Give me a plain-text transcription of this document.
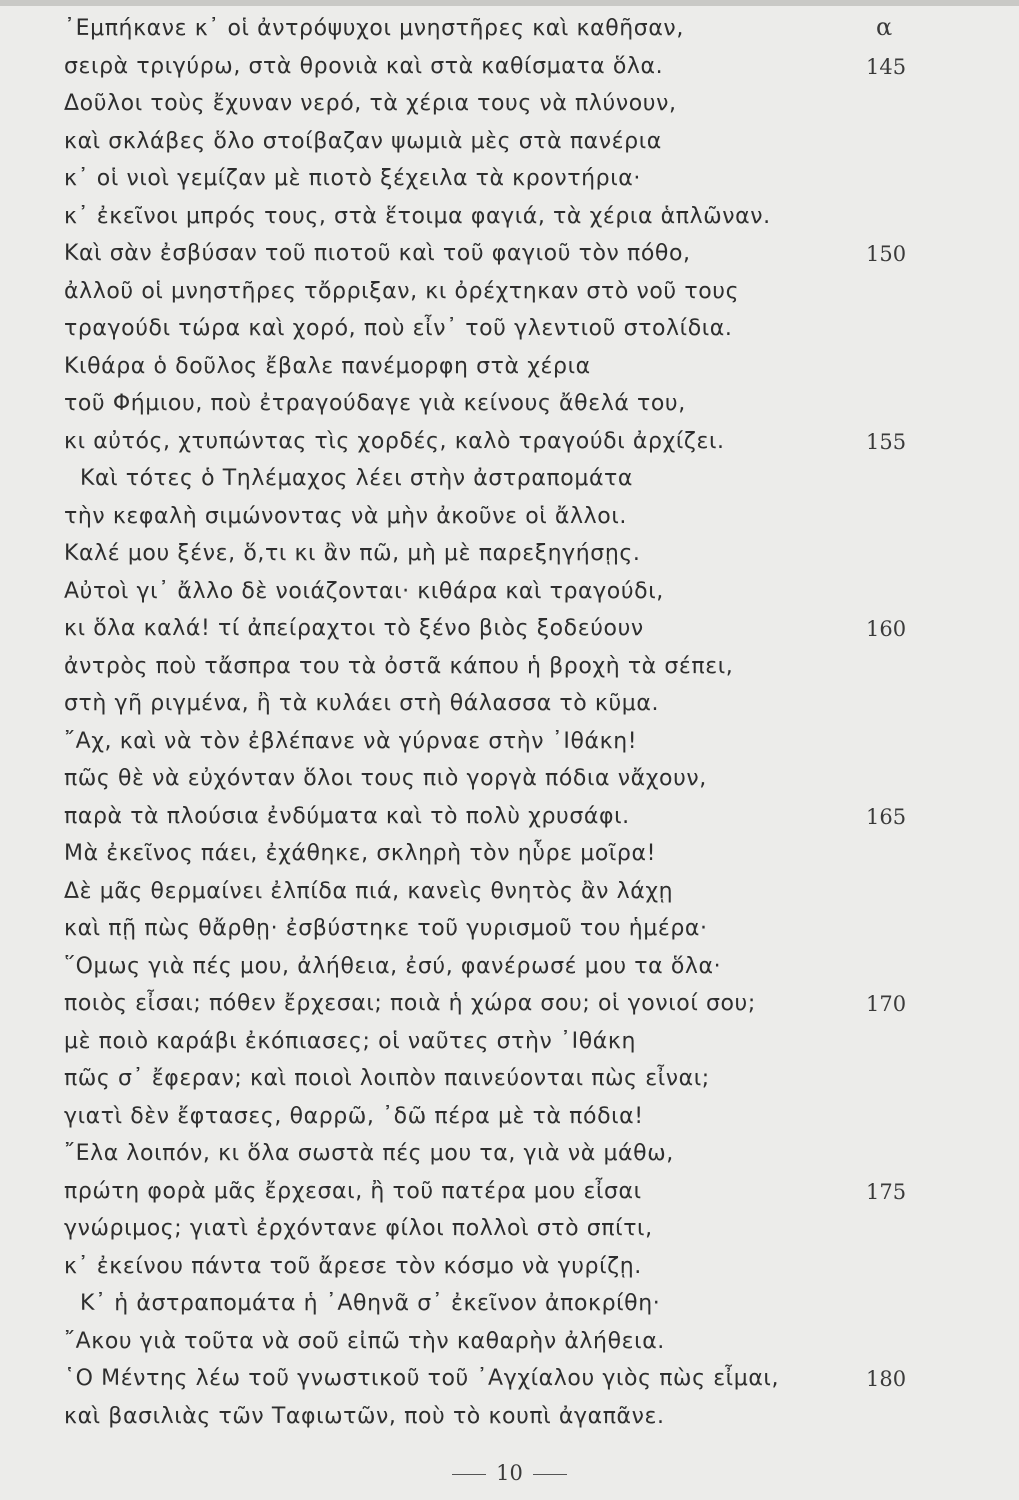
α
᾽Εμπήκανε κ᾽ οἱ ἀντρόψυχοι μνηστῆρες καὶ καθῆσαν,
σειρὰ τριγύρω, στὰ θρονιὰ καὶ στὰ καθίσματα ὅλα.	145
Δοῦλοι τοὺς ἔχυναν νερό, τὰ χέρια τους νὰ πλύνουν,
καὶ σκλάβες ὅλο στοίβαζαν ψωμιὰ μὲς στὰ πανέρια
κ᾽ οἱ νιοὶ γεμίζαν μὲ πιοτὸ ξέχειλα τὰ κροντήρια·
κ᾽ ἐκεῖνοι μπρός τους, στὰ ἕτοιμα φαγιά, τὰ χέρια ἁπλῶναν.
Καὶ σὰν ἐσβύσαν τοῦ πιοτοῦ καὶ τοῦ φαγιοῦ τὸν πόθο,	150
ἀλλοῦ οἱ μνηστῆρες τὄρριξαν, κι ὀρέχτηκαν στὸ νοῦ τους
τραγούδι τώρα καὶ χορό, ποὺ εἶν᾽ τοῦ γλεντιοῦ στολίδια.
Κιθάρα ὁ δοῦλος ἔβαλε πανέμορφη στὰ χέρια
τοῦ Φήμιου, ποὺ ἐτραγούδαγε γιὰ κείνους ἄθελά του,
κι αὐτός, χτυπώντας τὶς χορδές, καλὸ τραγούδι ἀρχίζει.	155
Καὶ τότες ὁ Τηλέμαχος λέει στὴν ἀστραπομάτα
τὴν κεφαλὴ σιμώνοντας νὰ μὴν ἀκοῦνε οἱ ἄλλοι.
Καλέ μου ξένε, ὅ,τι κι ἂν πῶ, μὴ μὲ παρεξηγήσῃς.
Αὐτοὶ γι᾽ ἄλλο δὲ νοιάζονται· κιθάρα καὶ τραγούδι,
κι ὅλα καλά! τί ἀπείραχτοι τὸ ξένο βιὸς ξοδεύουν	160
ἀντρὸς ποὺ τἄσπρα του τὰ ὀστᾶ κάπου ἡ βροχὴ τὰ σέπει,
στὴ γῆ ριγμένα, ἢ τὰ κυλάει στὴ θάλασσα τὸ κῦμα.
῎Αχ, καὶ νὰ τὸν ἐβλέπανε νὰ γύρναε στὴν ᾽Ιθάκη!
πῶς θὲ νὰ εὐχόνταν ὅλοι τους πιὸ γοργὰ πόδια νἄχουν,
παρὰ τὰ πλούσια ἐνδύματα καὶ τὸ πολὺ χρυσάφι.	165
Μὰ ἐκεῖνος πάει, ἐχάθηκε, σκληρὴ τὸν ηὗρε μοῖρα!
Δὲ μᾶς θερμαίνει ἐλπίδα πιά, κανεὶς θνητὸς ἂν λάχῃ
καὶ πῇ πὼς θἄρθῃ· ἐσβύστηκε τοῦ γυρισμοῦ του ἡμέρα·
῞Ομως γιὰ πές μου, ἀλήθεια, ἐσύ, φανέρωσέ μου τα ὅλα·
ποιὸς εἶσαι; πόθεν ἔρχεσαι; ποιὰ ἡ χώρα σου; οἱ γονιοί σου;	170
μὲ ποιὸ καράβι ἐκόπιασες; οἱ ναῦτες στὴν ᾽Ιθάκη
πῶς σ᾽ ἔφεραν; καὶ ποιοὶ λοιπὸν παινεύονται πὼς εἶναι;
γιατὶ δὲν ἔφτασες, θαρρῶ, ᾽δῶ πέρα μὲ τὰ πόδια!
῎Ελα λοιπόν, κι ὅλα σωστὰ πές μου τα, γιὰ νὰ μάθω,
πρώτη φορὰ μᾶς ἔρχεσαι, ἢ τοῦ πατέρα μου εἶσαι	175
γνώριμος; γιατὶ ἐρχόντανε φίλοι πολλοὶ στὸ σπίτι,
κ᾽ ἐκείνου πάντα τοῦ ἄρεσε τὸν κόσμο νὰ γυρίζῃ.
Κ᾽ ἡ ἀστραπομάτα ἡ ᾽Αθηνᾶ σ᾽ ἐκεῖνον ἀποκρίθη·
῎Ακου γιὰ τοῦτα νὰ σοῦ εἰπῶ τὴν καθαρὴν ἀλήθεια.
῾Ο Μέντης λέω τοῦ γνωστικοῦ τοῦ ᾽Αγχίαλου γιὸς πὼς εἶμαι,	180
καὶ βασιλιὰς τῶν Ταφιωτῶν, ποὺ τὸ κουπὶ ἀγαπᾶνε.
10
